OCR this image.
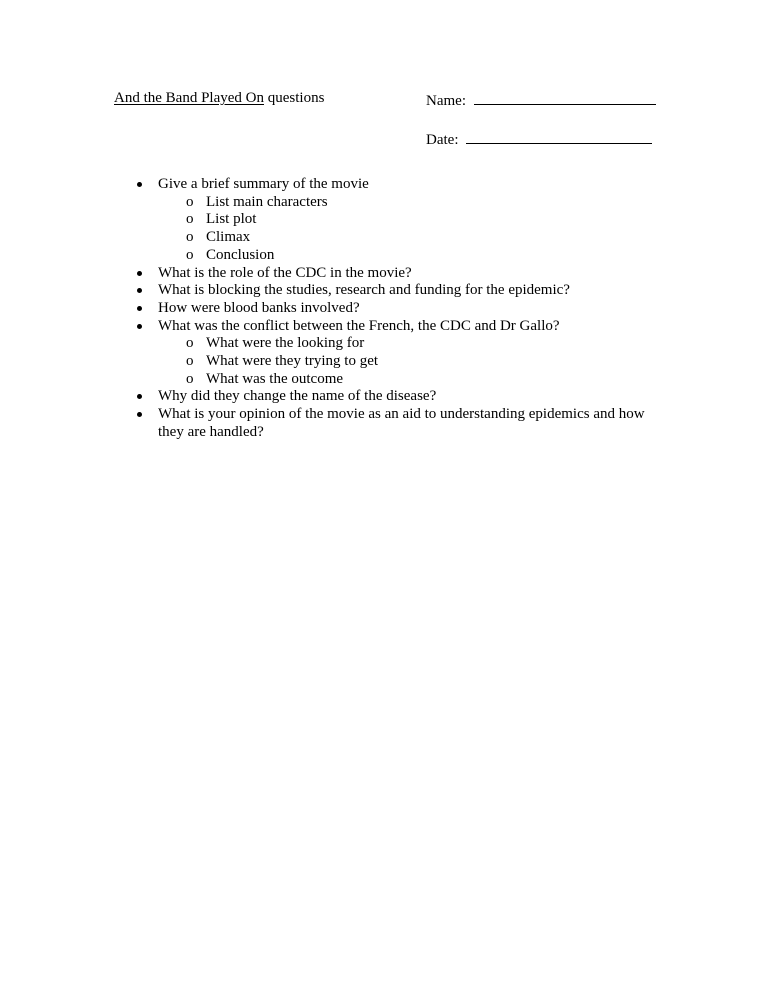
And the Band Played On questions	Name:
Date:
Give a brief summary of the movie
o List main characters
o List plot
o Climax
o Conclusion
What is the role of the CDC in the movie?
What is blocking the studies, research and funding for the epidemic?
How were blood banks involved?
What was the conflict between the French, the CDC and Dr Gallo?
o What were the looking for
o What were they trying to get
o What was the outcome
Why did they change the name of the disease?
What is your opinion of the movie as an aid to understanding epidemics and how they are handled?
